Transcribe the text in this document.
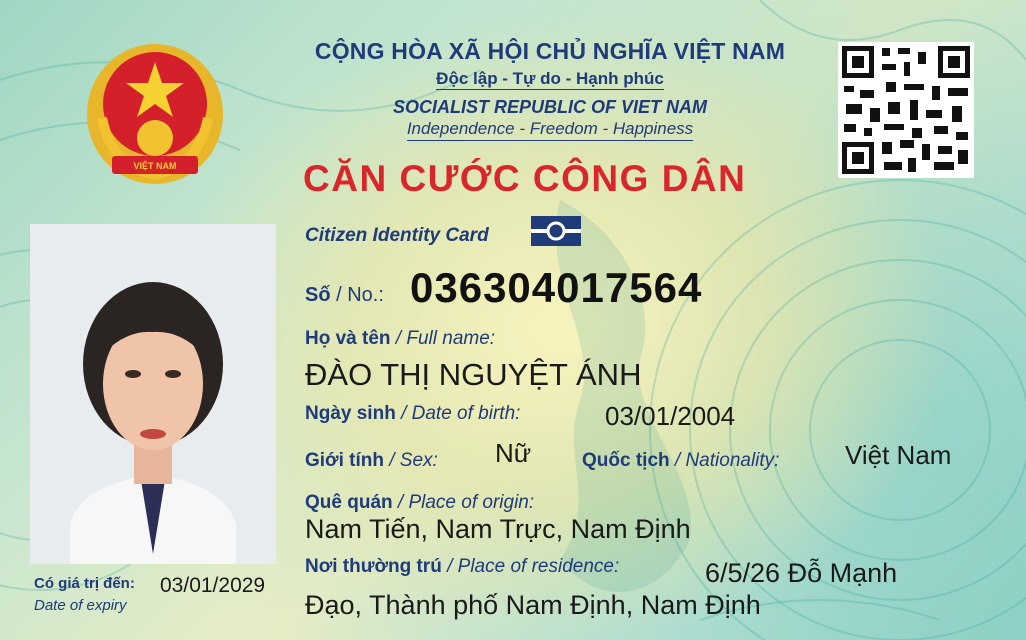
VIỆT NAM
CỘNG HÒA XÃ HỘI CHỦ NGHĨA VIỆT NAM
Độc lập - Tự do - Hạnh phúc
SOCIALIST REPUBLIC OF VIET NAM
Independence - Freedom - Happiness
CĂN CƯỚC CÔNG DÂN
Citizen Identity Card
Số / No.: 036304017564
Họ và tên / Full name:
ĐÀO THỊ NGUYỆT ÁNH
Ngày sinh / Date of birth:	03/01/2004
Giới tính / Sex: Nữ	Quốc tịch / Nationality:	Việt Nam
Quê quán / Place of origin:
Nam Tiến, Nam Trực, Nam Định
Nơi thường trú / Place of residence:	6/5/26 Đỗ Mạnh
Đạo, Thành phố Nam Định, Nam Định
Có giá trị đến: 03/01/2029
Date of expiry
